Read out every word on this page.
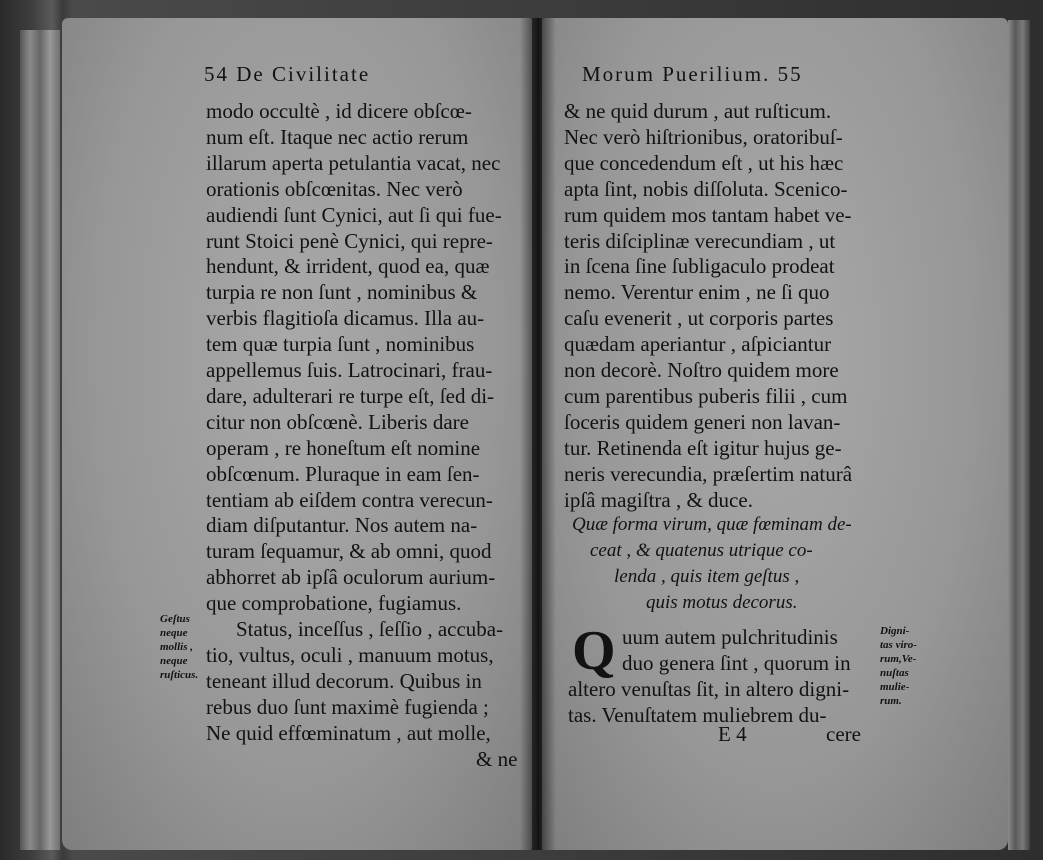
54 De Civilitate
modo occultè , id dicere obſcœ-
num eſt. Itaque nec actio rerum
illarum aperta petulantia vacat, nec
orationis obſcœnitas. Nec verò
audiendi ſunt Cynici, aut ſi qui fue-
runt Stoici penè Cynici, qui repre-
hendunt, & irrident, quod ea, quæ
turpia re non ſunt , nominibus &
verbis flagitioſa dicamus. Illa au-
tem quæ turpia ſunt , nominibus
appellemus ſuis. Latrocinari, frau-
dare, adulterari re turpe eſt, ſed di-
citur non obſcœnè. Liberis dare
operam , re honeſtum eſt nomine
obſcœnum. Pluraque in eam ſen-
tentiam ab eiſdem contra verecun-
diam diſputantur. Nos autem na-
turam ſequamur, & ab omni, quod
abhorret ab ipſâ oculorum aurium-
que comprobatione, fugiamus.
Status, inceſſus , ſeſſio , accuba-
tio, vultus, oculi , manuum motus,
teneant illud decorum. Quibus in
rebus duo ſunt maximè fugienda ;
Ne quid effœminatum , aut molle,
& ne
Geſtus
neque
mollis ,
neque
ruſticus.
Morum Puerilium. 55
& ne quid durum , aut ruſticum.
Nec verò hiſtrionibus, oratoribuſ-
que concedendum eſt , ut his hæc
apta ſint, nobis diſſoluta. Scenico-
rum quidem mos tantam habet ve-
teris diſciplinæ verecundiam , ut
in ſcena ſine ſubligaculo prodeat
nemo. Verentur enim , ne ſi quo
caſu evenerit , ut corporis partes
quædam aperiantur , aſpiciantur
non decorè. Noſtro quidem more
cum parentibus puberis filii , cum
ſoceris quidem generi non lavan-
tur. Retinenda eſt igitur hujus ge-
neris verecundia, præſertim naturâ
ipſâ magiſtra , & duce.
Quæ forma virum, quæ fœminam de-
ceat , & quatenus utrique co-
lenda , quis item geſtus ,
quis motus decorus.
uum autem pulchritudinis
duo genera ſint , quorum in
altero venuſtas ſit, in altero digni-
tas. Venuſtatem muliebrem du-
Q
E 4	cere
Digni-
tas viro-
rum,Ve-
nuſtas
mulie-
rum.
